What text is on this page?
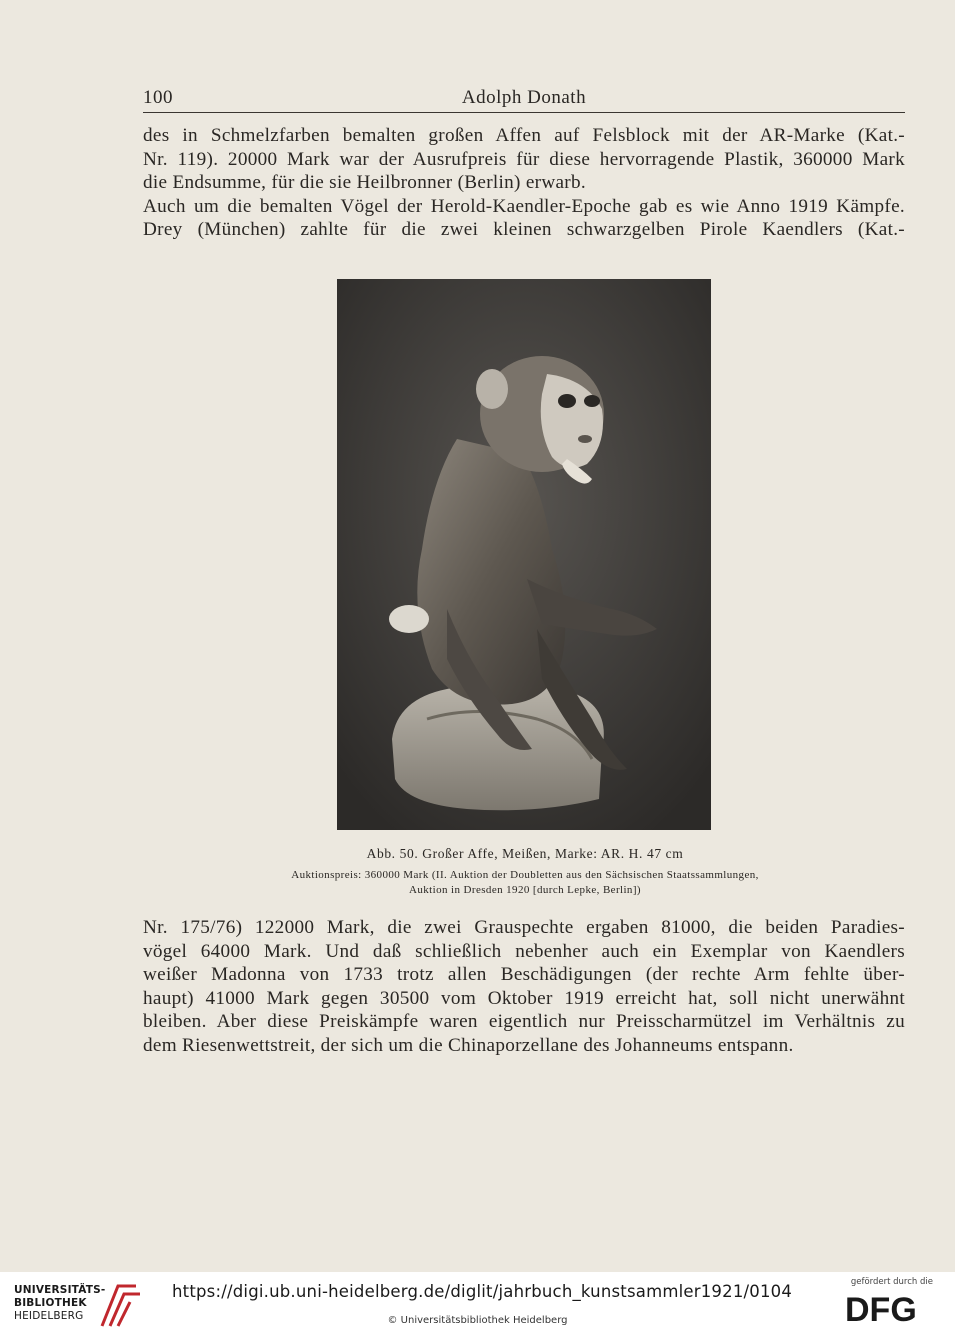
100	Adolph Donath
des in Schmelzfarben bemalten großen Affen auf Felsblock mit der AR-Marke (Kat.-
Nr. 119). 20000 Mark war der Ausrufpreis für diese hervorragende Plastik, 360000 Mark
die Endsumme, für die sie Heilbronner (Berlin) erwarb.
Auch um die bemalten Vögel der Herold-Kaendler-Epoche gab es wie Anno 1919 Kämpfe.
Drey (München) zahlte für die zwei kleinen schwarzgelben Pirole Kaendlers (Kat.-
Abb. 50. Großer Affe, Meißen, Marke: AR. H. 47 cm
Auktionspreis: 360000 Mark (II. Auktion der Doubletten aus den Sächsischen Staatssammlungen,
Auktion in Dresden 1920 [durch Lepke, Berlin])
Nr. 175/76) 122000 Mark, die zwei Grauspechte ergaben 81000, die beiden Paradies-
vögel 64000 Mark. Und daß schließlich nebenher auch ein Exemplar von Kaendlers
weißer Madonna von 1733 trotz allen Beschädigungen (der rechte Arm fehlte über-
haupt) 41000 Mark gegen 30500 vom Oktober 1919 erreicht hat, soll nicht unerwähnt
bleiben. Aber diese Preiskämpfe waren eigentlich nur Preisscharmützel im Verhältnis zu
dem Riesenwettstreit, der sich um die Chinaporzellane des Johanneums entspann.
UNIVERSITÄTS-
BIBLIOTHEK
HEIDELBERG
https://digi.ub.uni-heidelberg.de/diglit/jahrbuch_kunstsammler1921/0104
© Universitätsbibliothek Heidelberg
gefördert durch die
DFG
